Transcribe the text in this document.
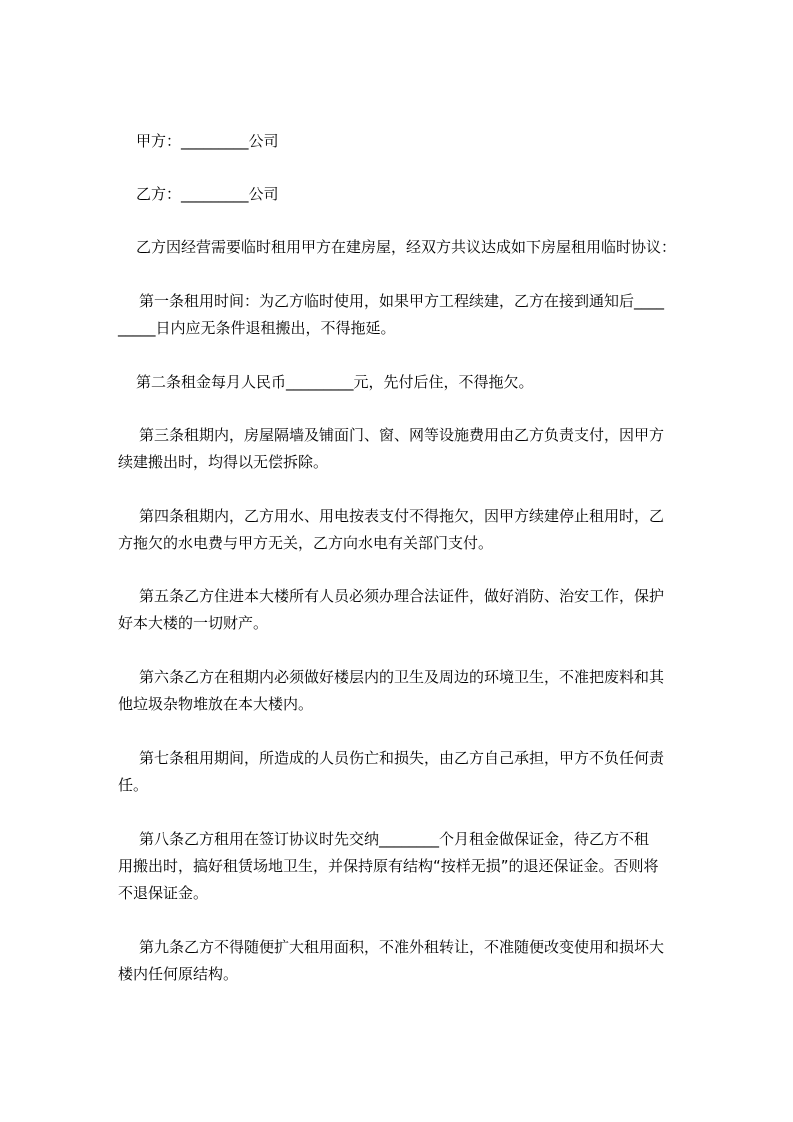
甲方：_________公司
乙方：_________公司
乙方因经营需要临时租用甲方在建房屋，经双方共议达成如下房屋租用临时协议：
第一条租用时间：为乙方临时使用，如果甲方工程续建，乙方在接到通知后____
_____日内应无条件退租搬出，不得拖延。
第二条租金每月人民币_________元，先付后住，不得拖欠。
第三条租期内，房屋隔墙及铺面门、窗、网等设施费用由乙方负责支付，因甲方
续建搬出时，均得以无偿拆除。
第四条租期内，乙方用水、用电按表支付不得拖欠，因甲方续建停止租用时，乙
方拖欠的水电费与甲方无关，乙方向水电有关部门支付。
第五条乙方住进本大楼所有人员必须办理合法证件，做好消防、治安工作，保护
好本大楼的一切财产。
第六条乙方在租期内必须做好楼层内的卫生及周边的环境卫生，不准把废料和其
他垃圾杂物堆放在本大楼内。
第七条租用期间，所造成的人员伤亡和损失，由乙方自己承担，甲方不负任何责
任。
第八条乙方租用在签订协议时先交纳________个月租金做保证金，待乙方不租
用搬出时，搞好租赁场地卫生，并保持原有结构“按样无损”的退还保证金。否则将
不退保证金。
第九条乙方不得随便扩大租用面积，不准外租转让，不准随便改变使用和损坏大
楼内任何原结构。
